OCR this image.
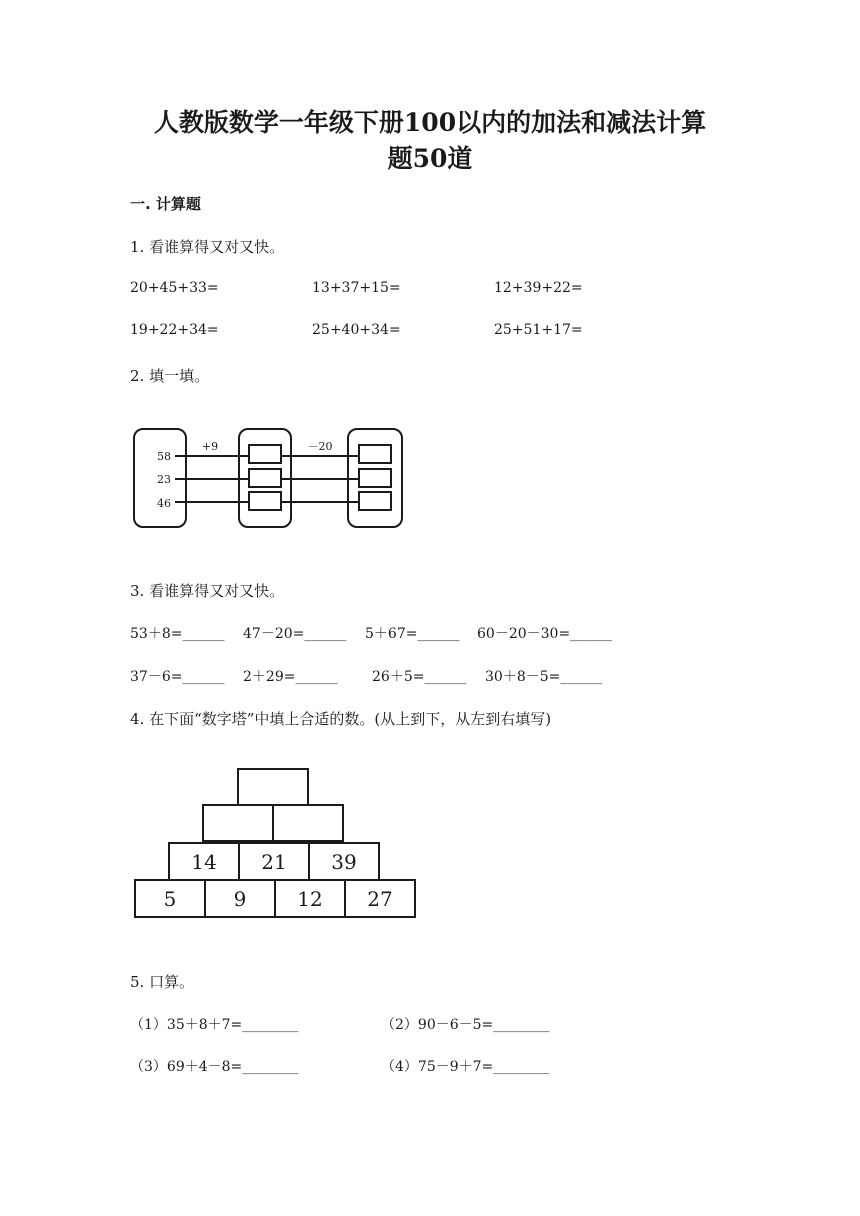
人教版数学一年级下册100以内的加法和减法计算
题50道
一. 计算题
1. 看谁算得又对又快。
20+45+33=	13+37+15=	12+39+22=
19+22+34=	25+40+34=	25+51+17=
2. 填一填。
+9	－20
58
23
46
3. 看谁算得又对又快。
53＋8=______ 47－20=______ 5＋67=______ 60－20－30=______
37－6=______ 2＋29=______ 26＋5=______ 30＋8－5=______
4. 在下面“数字塔”中填上合适的数。(从上到下，从左到右填写)
14 21 39
5	9	12 27
5. 口算。
（1）35＋8＋7=________	（2）90－6－5=________
（3）69＋4－8=________	（4）75－9＋7=________
